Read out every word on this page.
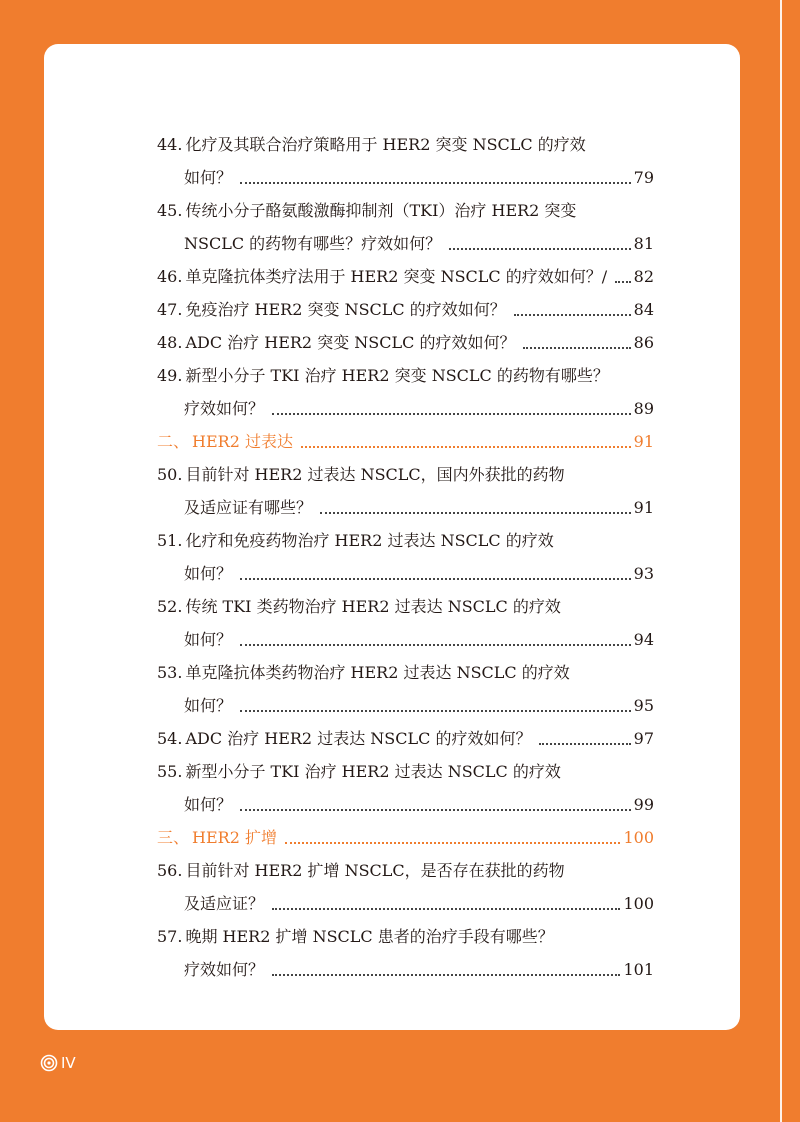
44. 化疗及其联合治疗策略用于 HER2 突变 NSCLC 的疗效
如何？	79
45. 传统小分子酪氨酸激酶抑制剂（TKI）治疗 HER2 突变
NSCLC 的药物有哪些？疗效如何？	81
46. 单克隆抗体类疗法用于 HER2 突变 NSCLC 的疗效如何？/ 82
47. 免疫治疗 HER2 突变 NSCLC 的疗效如何？	84
48. ADC 治疗 HER2 突变 NSCLC 的疗效如何？	86
49. 新型小分子 TKI 治疗 HER2 突变 NSCLC 的药物有哪些？
疗效如何？	89
二、 HER2 过表达	91
50. 目前针对 HER2 过表达 NSCLC，国内外获批的药物
及适应证有哪些？	91
51. 化疗和免疫药物治疗 HER2 过表达 NSCLC 的疗效
如何？	93
52. 传统 TKI 类药物治疗 HER2 过表达 NSCLC 的疗效
如何？	94
53. 单克隆抗体类药物治疗 HER2 过表达 NSCLC 的疗效
如何？	95
54. ADC 治疗 HER2 过表达 NSCLC 的疗效如何？	97
55. 新型小分子 TKI 治疗 HER2 过表达 NSCLC 的疗效
如何？	99
三、 HER2 扩增	100
56. 目前针对 HER2 扩增 NSCLC，是否存在获批的药物
及适应证？	100
57. 晚期 HER2 扩增 NSCLC 患者的治疗手段有哪些？
疗效如何？	101
IV
